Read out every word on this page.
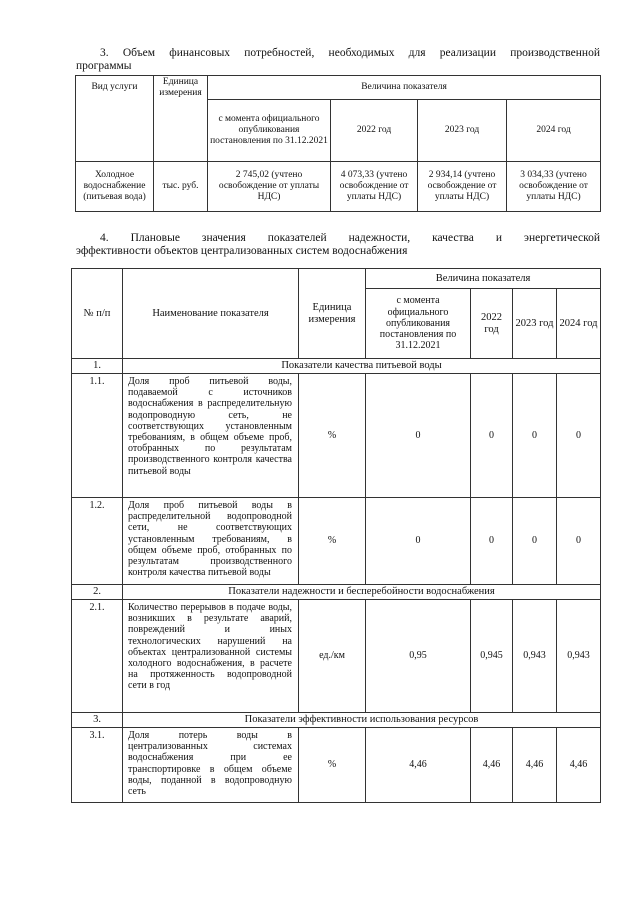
3. Объем финансовых потребностей, необходимых для реализации производственной
программы
Вид услуги	Единица измерения	Величина показателя			
		с момента официального опубликования постановления по 31.12.2021	2022 год	2023 год	2024 год
Холодное водоснабжение (питьевая вода)	тыс. руб.	2 745,02 (учтено освобождение от уплаты НДС)	4 073,33 (учтено освобождение от уплаты НДС)	2 934,14 (учтено освобождение от уплаты НДС)	3 034,33 (учтено освобождение от уплаты НДС)
4. Плановые значения показателей надежности, качества и энергетической
эффективности объектов централизованных систем водоснабжения
№ п/п	Наименование показателя	Единица измерения	Величина показателя			
			с момента официального опубликования постановления по 31.12.2021	2022 год	2023 год	2024 год
1.	Показатели качества питьевой воды					
1.1.	Доля проб питьевой воды, подаваемой с источников водоснабжения в распределительную водопроводную сеть, не соответствующих установленным требованиям, в общем объеме проб, отобранных по результатам производственного контроля качества питьевой воды	%	0	0	0	0
1.2.	Доля проб питьевой воды в распределительной водопроводной сети, не соответствующих установленным требованиям, в общем объеме проб, отобранных по результатам производственного контроля качества питьевой воды	%	0	0	0	0
2.	Показатели надежности и бесперебойности водоснабжения					
2.1.	Количество перерывов в подаче воды, возникших в результате аварий, повреждений и иных технологических нарушений на объектах централизованной системы холодного водоснабжения, в расчете на протяженность водопроводной сети в год	ед./км	0,95	0,945	0,943	0,943
3.	Показатели эффективности использования ресурсов					
3.1.	Доля потерь воды в централизованных системах водоснабжения при ее транспортировке в общем объеме воды, поданной в водопроводную сеть	%	4,46	4,46	4,46	4,46
